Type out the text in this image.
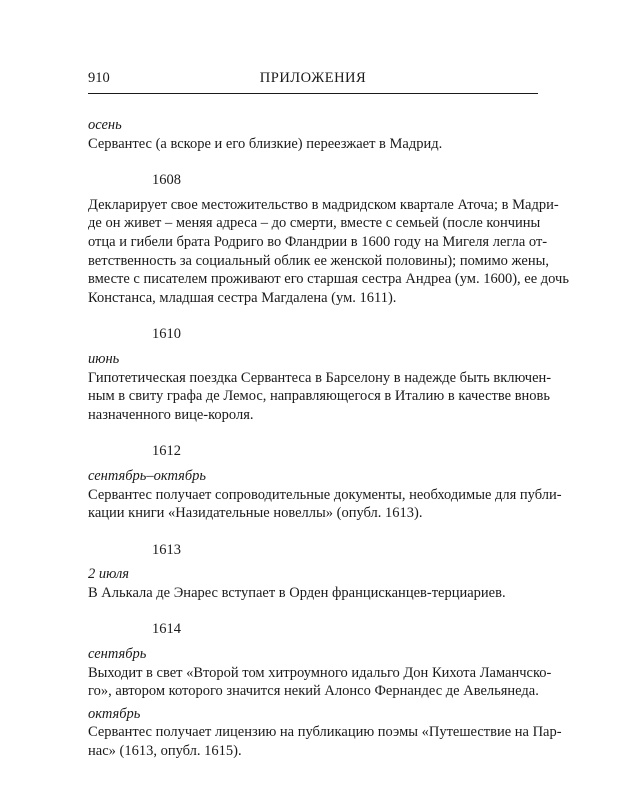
910	ПРИЛОЖЕНИЯ

осень

Сервантес (а вскоре и его близкие) переезжает в Мадрид.

1608

Декларирует свое местожительство в мадридском квартале Аточа; в Мадри-
де он живет – меняя адреса – до смерти, вместе с семьей (после кончины
отца и гибели брата Родриго во Фландрии в 1600 году на Мигеля легла от-
ветственность за социальный облик ее женской половины); помимо жены,
вместе с писателем проживают его старшая сестра Андреа (ум. 1600), ее дочь
Констанса, младшая сестра Магдалена (ум. 1611).

1610

июнь

Гипотетическая поездка Сервантеса в Барселону в надежде быть включен-
ным в свиту графа де Лемос, направляющегося в Италию в качестве вновь
назначенного вице-короля.

1612

сентябрь–октябрь

Сервантес получает сопроводительные документы, необходимые для публи-
кации книги «Назидательные новеллы» (опубл. 1613).

1613

2 июля

В Алькала де Энарес вступает в Орден францисканцев-терциариев.

1614

сентябрь

Выходит в свет «Второй том хитроумного идальго Дон Кихота Ламанчско-
го», автором которого значится некий Алонсо Фернандес де Авельянеда.

октябрь

Сервантес получает лицензию на публикацию поэмы «Путешествие на Пар-
нас» (1613, опубл. 1615).
